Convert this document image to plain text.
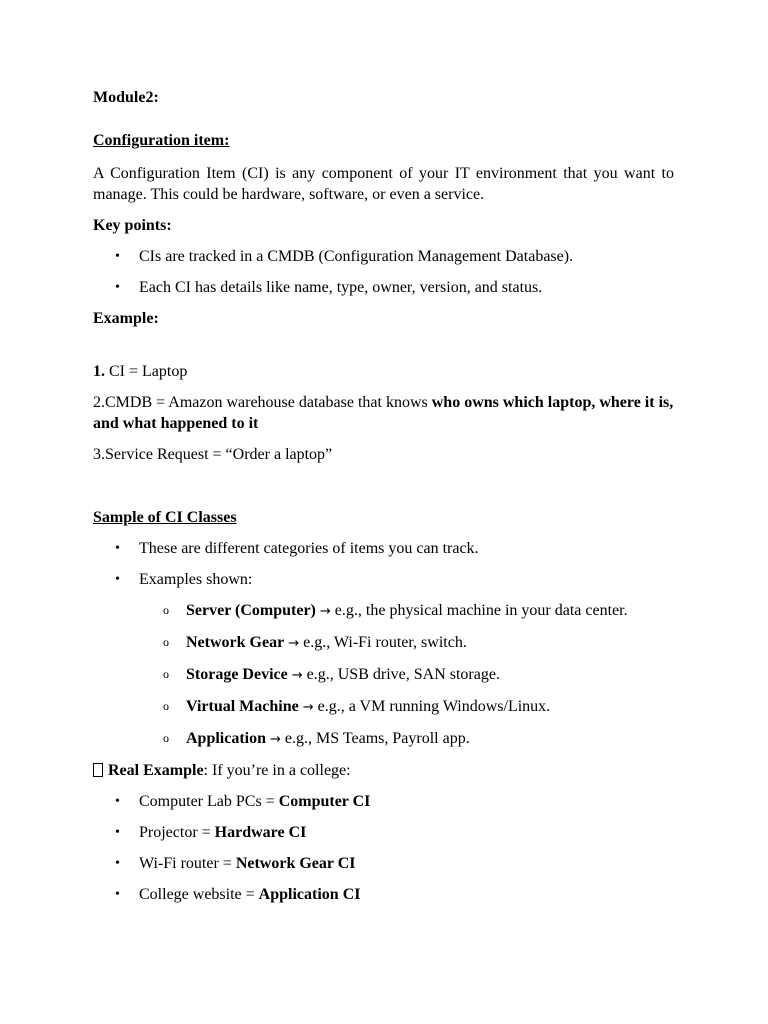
Module2:

Configuration item:

A Configuration Item (CI) is any component of your IT environment that you want to manage. This could be hardware, software, or even a service.

Key points:

• CIs are tracked in a CMDB (Configuration Management Database).
• Each CI has details like name, type, owner, version, and status.

Example:

1. CI = Laptop

2.CMDB = Amazon warehouse database that knows who owns which laptop, where it is, and what happened to it

3.Service Request = “Order a laptop”

Sample of CI Classes

• These are different categories of items you can track.
• Examples shown:
o Server (Computer) → e.g., the physical machine in your data center.
o Network Gear → e.g., Wi-Fi router, switch.
o Storage Device → e.g., USB drive, SAN storage.
o Virtual Machine → e.g., a VM running Windows/Linux.
o Application → e.g., MS Teams, Payroll app.

Real Example: If you’re in a college:

• Computer Lab PCs = Computer CI
• Projector = Hardware CI
• Wi-Fi router = Network Gear CI
• College website = Application CI
